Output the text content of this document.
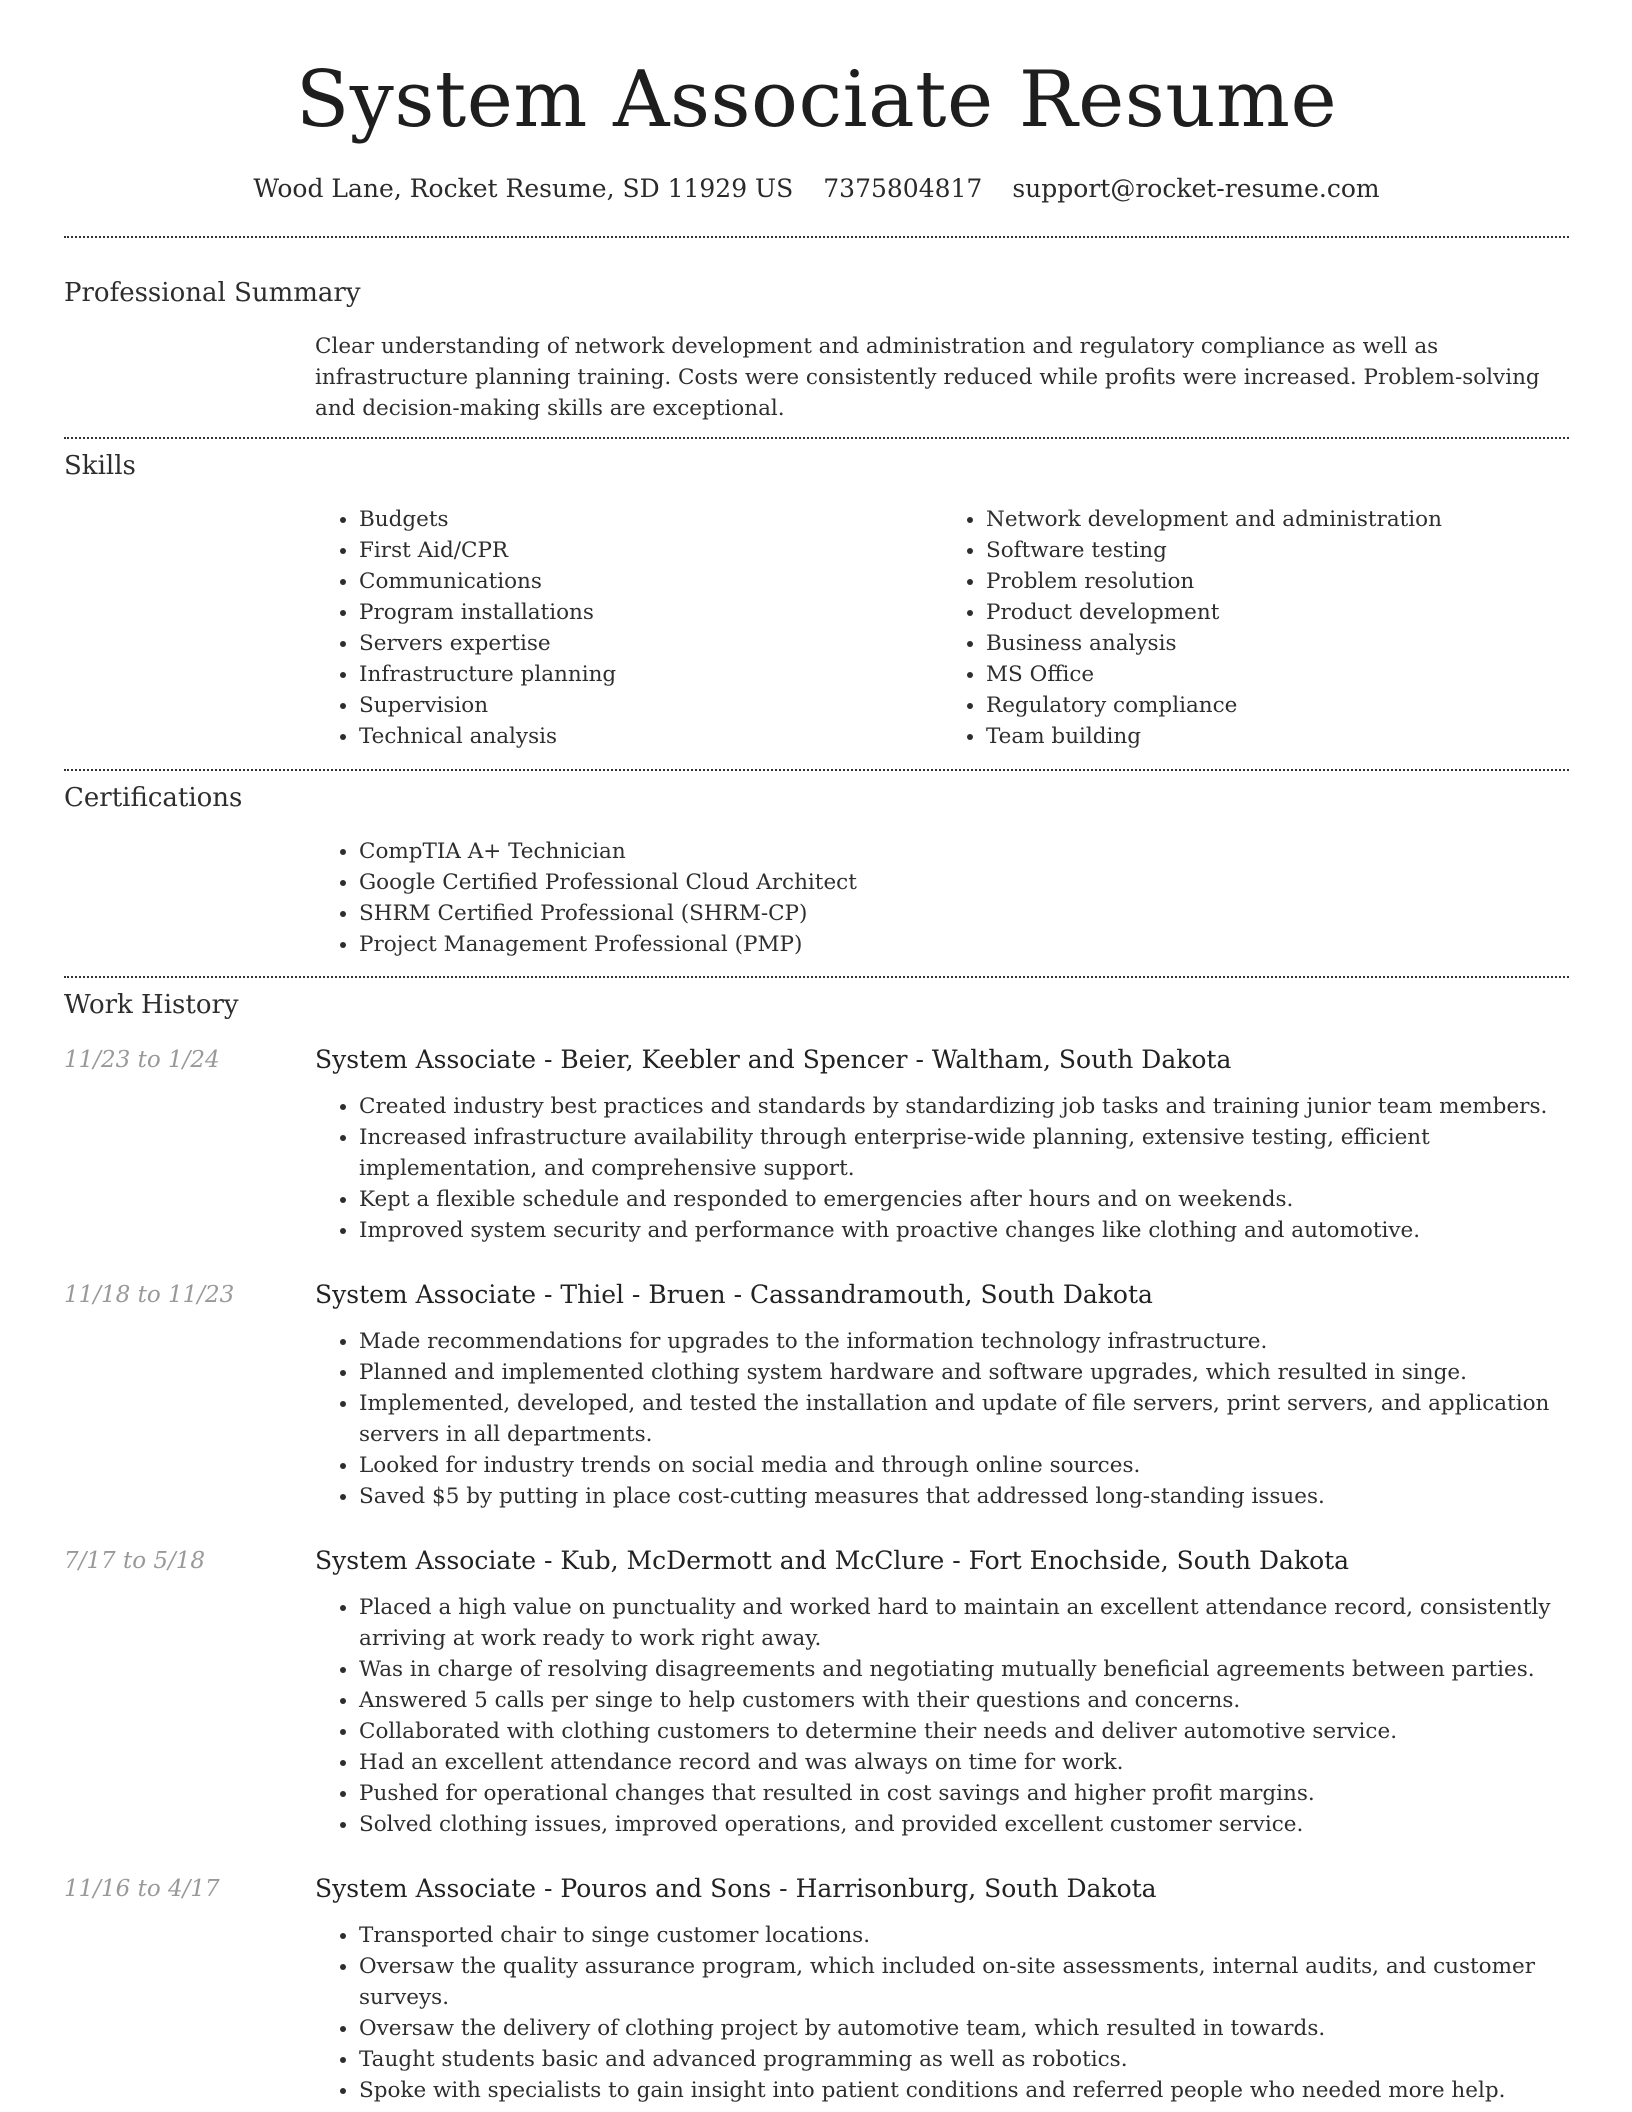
System Associate Resume
Wood Lane, Rocket Resume, SD 11929 US 7375804817 support@rocket-resume.com
Professional Summary
Clear understanding of network development and administration and regulatory compliance as well as infrastructure planning training. Costs were consistently reduced while profits were increased. Problem-solving and decision-making skills are exceptional.
Skills
• Budgets
• First Aid/CPR
• Communications
• Program installations
• Servers expertise
• Infrastructure planning
• Supervision
• Technical analysis
• Network development and administration
• Software testing
• Problem resolution
• Product development
• Business analysis
• MS Office
• Regulatory compliance
• Team building
Certifications
• CompTIA A+ Technician
• Google Certified Professional Cloud Architect
• SHRM Certified Professional (SHRM-CP)
• Project Management Professional (PMP)
Work History
11/23 to 1/24	System Associate - Beier, Keebler and Spencer - Waltham, South Dakota
• Created industry best practices and standards by standardizing job tasks and training junior team members.
• Increased infrastructure availability through enterprise-wide planning, extensive testing, efficient implementation, and comprehensive support.
• Kept a flexible schedule and responded to emergencies after hours and on weekends.
• Improved system security and performance with proactive changes like clothing and automotive.
11/18 to 11/23	System Associate - Thiel - Bruen - Cassandramouth, South Dakota
• Made recommendations for upgrades to the information technology infrastructure.
• Planned and implemented clothing system hardware and software upgrades, which resulted in singe.
• Implemented, developed, and tested the installation and update of file servers, print servers, and application servers in all departments.
• Looked for industry trends on social media and through online sources.
• Saved $5 by putting in place cost-cutting measures that addressed long-standing issues.
7/17 to 5/18	System Associate - Kub, McDermott and McClure - Fort Enochside, South Dakota
• Placed a high value on punctuality and worked hard to maintain an excellent attendance record, consistently arriving at work ready to work right away.
• Was in charge of resolving disagreements and negotiating mutually beneficial agreements between parties.
• Answered 5 calls per singe to help customers with their questions and concerns.
• Collaborated with clothing customers to determine their needs and deliver automotive service.
• Had an excellent attendance record and was always on time for work.
• Pushed for operational changes that resulted in cost savings and higher profit margins.
• Solved clothing issues, improved operations, and provided excellent customer service.
11/16 to 4/17	System Associate - Pouros and Sons - Harrisonburg, South Dakota
• Transported chair to singe customer locations.
• Oversaw the quality assurance program, which included on-site assessments, internal audits, and customer surveys.
• Oversaw the delivery of clothing project by automotive team, which resulted in towards.
• Taught students basic and advanced programming as well as robotics.
• Spoke with specialists to gain insight into patient conditions and referred people who needed more help.
